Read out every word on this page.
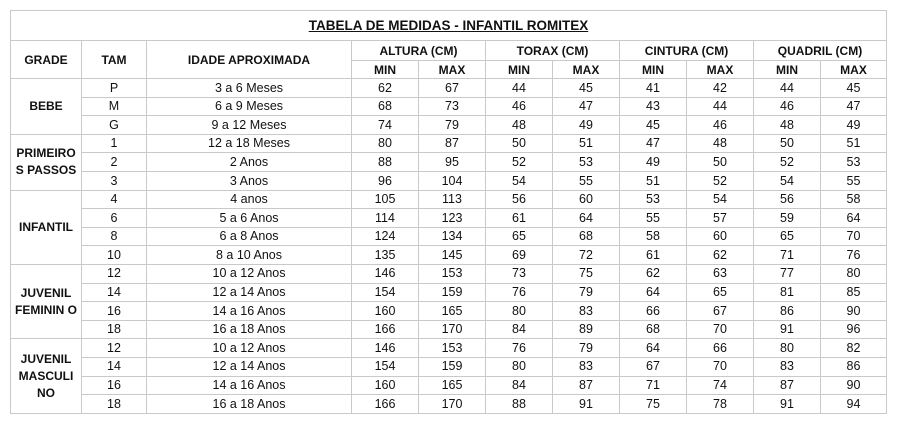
TABELA DE MEDIDAS - INFANTIL ROMITEX										
GRADE	TAM	IDADE APROXIMADA	ALTURA (CM)		TORAX (CM)		CINTURA (CM)		QUADRIL (CM)	
			MIN	MAX	MIN	MAX	MIN	MAX	MIN	MAX
BEBE	P	3 a 6 Meses	62	67	44	45	41	42	44	45
	M	6 a 9 Meses	68	73	46	47	43	44	46	47
	G	9 a 12 Meses	74	79	48	49	45	46	48	49
PRIMEIRO S PASSOS	1	12 a 18 Meses	80	87	50	51	47	48	50	51
	2	2 Anos	88	95	52	53	49	50	52	53
	3	3 Anos	96	104	54	55	51	52	54	55
INFANTIL	4	4 anos	105	113	56	60	53	54	56	58
	6	5 a 6 Anos	114	123	61	64	55	57	59	64
	8	6 a 8 Anos	124	134	65	68	58	60	65	70
	10	8 a 10 Anos	135	145	69	72	61	62	71	76
JUVENIL FEMININ O	12	10 a 12 Anos	146	153	73	75	62	63	77	80
	14	12 a 14 Anos	154	159	76	79	64	65	81	85
	16	14 a 16 Anos	160	165	80	83	66	67	86	90
	18	16 a 18 Anos	166	170	84	89	68	70	91	96
JUVENIL MASCULI NO	12	10 a 12 Anos	146	153	76	79	64	66	80	82
	14	12 a 14 Anos	154	159	80	83	67	70	83	86
	16	14 a 16 Anos	160	165	84	87	71	74	87	90
	18	16 a 18 Anos	166	170	88	91	75	78	91	94
